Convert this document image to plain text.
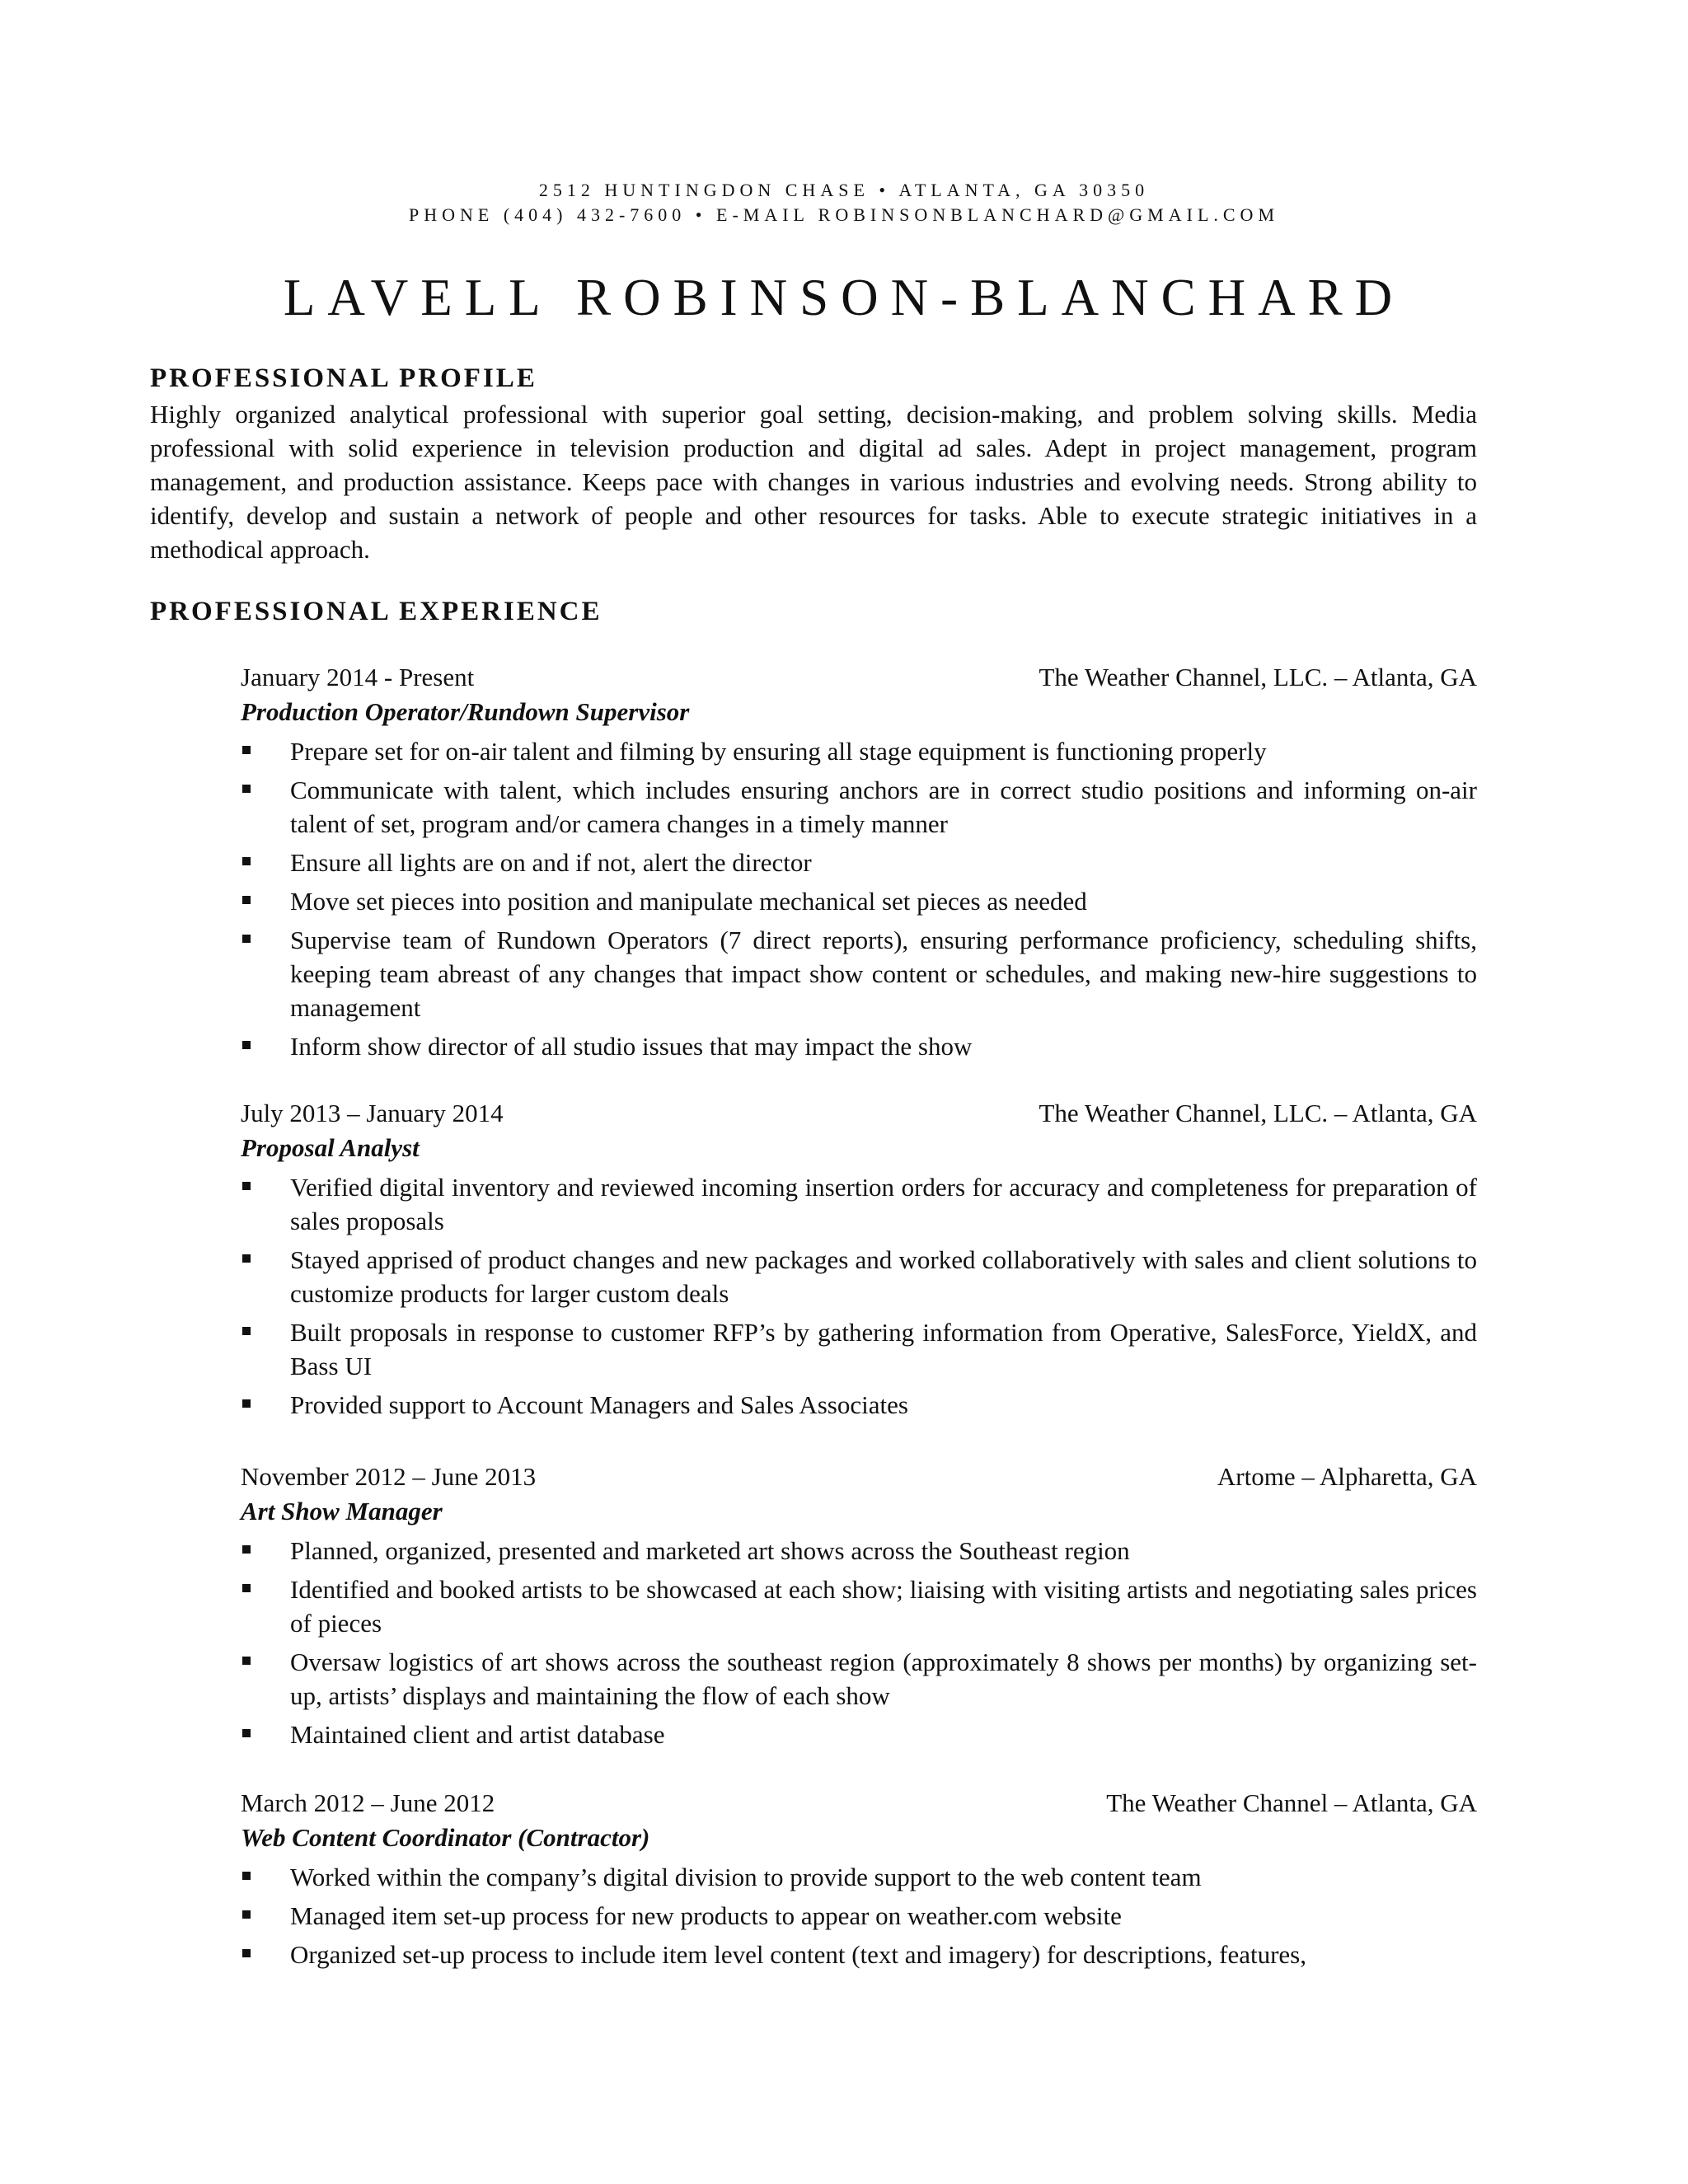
2512 HUNTINGDON CHASE • ATLANTA, GA 30350
PHONE (404) 432-7600 • E-MAIL ROBINSONBLANCHARD@GMAIL.COM
LAVELL ROBINSON-BLANCHARD
PROFESSIONAL PROFILE
Highly organized analytical professional with superior goal setting, decision-making, and problem solving skills. Media professional with solid experience in television production and digital ad sales. Adept in project management, program management, and production assistance. Keeps pace with changes in various industries and evolving needs. Strong ability to identify, develop and sustain a network of people and other resources for tasks. Able to execute strategic initiatives in a methodical approach.
PROFESSIONAL EXPERIENCE
January 2014 - Present	The Weather Channel, LLC. – Atlanta, GA
Production Operator/Rundown Supervisor
Prepare set for on-air talent and filming by ensuring all stage equipment is functioning properly
Communicate with talent, which includes ensuring anchors are in correct studio positions and informing on-air talent of set, program and/or camera changes in a timely manner
Ensure all lights are on and if not, alert the director
Move set pieces into position and manipulate mechanical set pieces as needed
Supervise team of Rundown Operators (7 direct reports), ensuring performance proficiency, scheduling shifts, keeping team abreast of any changes that impact show content or schedules, and making new-hire suggestions to management
Inform show director of all studio issues that may impact the show
July 2013 – January 2014	The Weather Channel, LLC. – Atlanta, GA
Proposal Analyst
Verified digital inventory and reviewed incoming insertion orders for accuracy and completeness for preparation of sales proposals
Stayed apprised of product changes and new packages and worked collaboratively with sales and client solutions to customize products for larger custom deals
Built proposals in response to customer RFP’s by gathering information from Operative, SalesForce, YieldX, and Bass UI
Provided support to Account Managers and Sales Associates
November 2012 – June 2013	Artome – Alpharetta, GA
Art Show Manager
Planned, organized, presented and marketed art shows across the Southeast region
Identified and booked artists to be showcased at each show; liaising with visiting artists and negotiating sales prices of pieces
Oversaw logistics of art shows across the southeast region (approximately 8 shows per months) by organizing set-up, artists’ displays and maintaining the flow of each show
Maintained client and artist database
March 2012 – June 2012	The Weather Channel – Atlanta, GA
Web Content Coordinator (Contractor)
Worked within the company’s digital division to provide support to the web content team
Managed item set-up process for new products to appear on weather.com website
Organized set-up process to include item level content (text and imagery) for descriptions, features,
